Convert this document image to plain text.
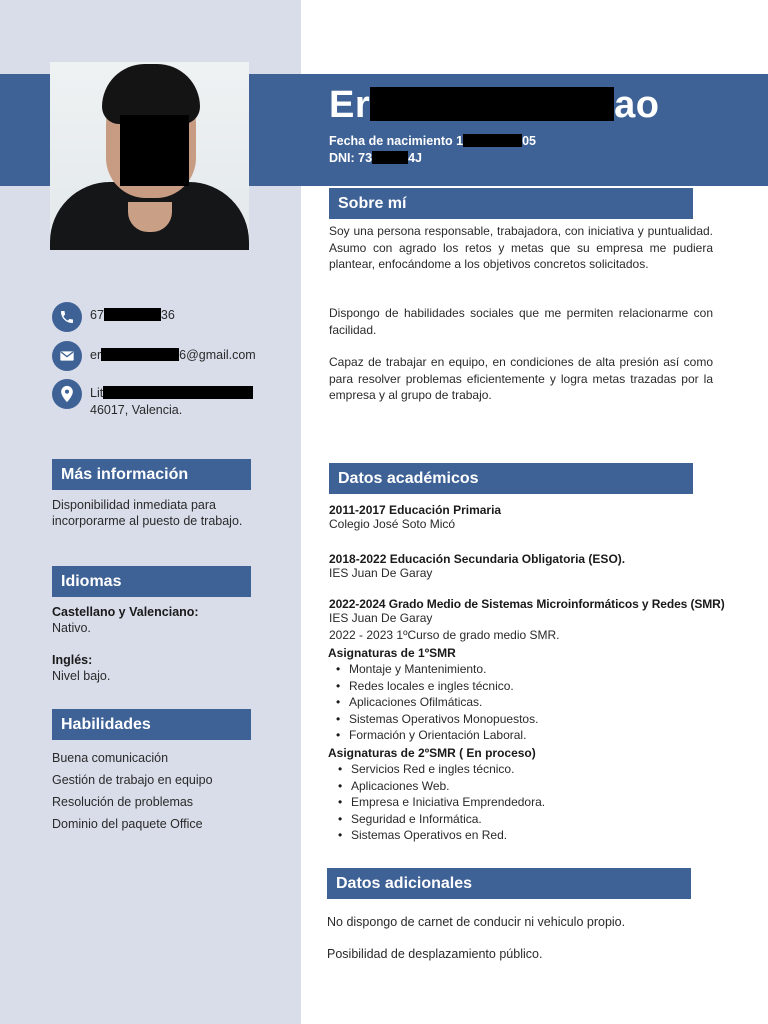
Er	ao
Fecha de nacimiento 1	05
DNI: 73	4J
67	36
er	6@gmail.com
Lit
46017, Valencia.
Más información
Disponibilidad inmediata para incorporarme al puesto de trabajo.
Idiomas
Castellano y Valenciano:
Nativo.
Inglés:
Nivel bajo.
Habilidades
Buena comunicación
Gestión de trabajo en equipo
Resolución de problemas
Dominio del paquete Office
Sobre mí
Soy una persona responsable, trabajadora, con iniciativa y puntualidad. Asumo con agrado los retos y metas que su empresa me pudiera plantear, enfocándome a los objetivos concretos solicitados.
Dispongo de habilidades sociales que me permiten relacionarme con facilidad.
Capaz de trabajar en equipo, en condiciones de alta presión así como para resolver problemas eficientemente y logra metas trazadas por la empresa y al grupo de trabajo.
Datos académicos
2011-2017 Educación Primaria
Colegio José Soto Micó
2018-2022 Educación Secundaria Obligatoria (ESO).
IES Juan De Garay
2022-2024 Grado Medio de Sistemas Microinformáticos y Redes (SMR)
IES Juan De Garay
2022 - 2023 1ºCurso de grado medio SMR.
Asignaturas de 1ºSMR
• Montaje y Mantenimiento.
• Redes locales e ingles técnico.
• Aplicaciones Ofilmáticas.
• Sistemas Operativos Monopuestos.
• Formación y Orientación Laboral.
Asignaturas de 2ºSMR ( En proceso)
• Servicios Red e ingles técnico.
• Aplicaciones Web.
• Empresa e Iniciativa Emprendedora.
• Seguridad e Informática.
• Sistemas Operativos en Red.
Datos adicionales
No dispongo de carnet de conducir ni vehiculo propio.
Posibilidad de desplazamiento público.
